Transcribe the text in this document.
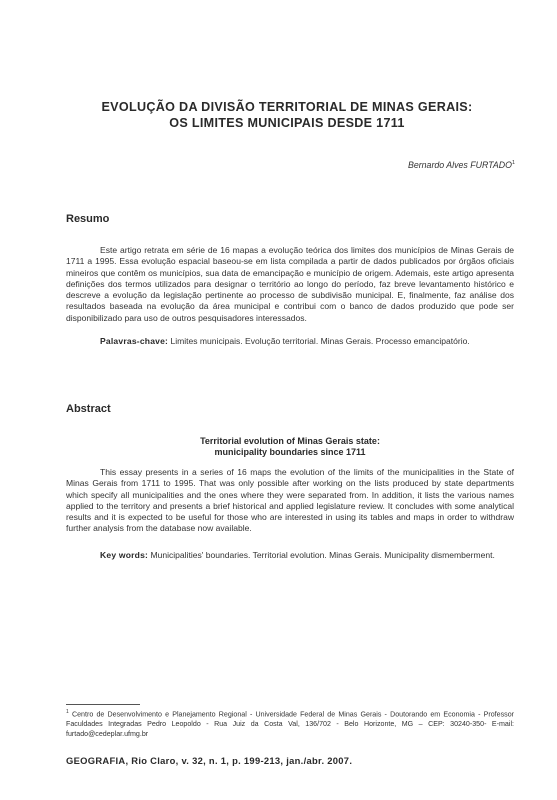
EVOLUÇÃO DA DIVISÃO TERRITORIAL DE MINAS GERAIS:
OS LIMITES MUNICIPAIS DESDE 1711
Bernardo Alves FURTADO$^1$
Resumo

Este artigo retrata em série de 16 mapas a evolução teórica dos limites dos municípios de Minas Gerais de 1711 a 1995. Essa evolução espacial baseou-se em lista compilada a partir de dados publicados por órgãos oficiais mineiros que contêm os municípios, sua data de emancipação e município de origem. Ademais, este artigo apresenta definições dos termos utilizados para designar o território ao longo do período, faz breve levantamento histórico e descreve a evolução da legislação pertinente ao processo de subdivisão municipal. E, finalmente, faz análise dos resultados baseada na evolução da área municipal e contribui com o banco de dados produzido que pode ser disponibilizado para uso de outros pesquisadores interessados.

Palavras-chave: Limites municipais. Evolução territorial. Minas Gerais. Processo emancipatório.

Abstract
Territorial evolution of Minas Gerais state:
municipality boundaries since 1711

This essay presents in a series of 16 maps the evolution of the limits of the municipalities in the State of Minas Gerais from 1711 to 1995. That was only possible after working on the lists produced by state departments which specify all municipalities and the ones where they were separated from. In addition, it lists the various names applied to the territory and presents a brief historical and applied legislature review. It concludes with some analytical results and it is expected to be useful for those who are interested in using its tables and maps in order to withdraw further analysis from the database now available.

Key words: Municipalities' boundaries. Territorial evolution. Minas Gerais. Municipality dismemberment.

$^1$ Centro de Desenvolvimento e Planejamento Regional - Universidade Federal de Minas Gerais - Doutorando em Economia - Professor Faculdades Integradas Pedro Leopoldo - Rua Juiz da Costa Val, 136/702 - Belo Horizonte, MG – CEP: 30240-350- E-mail: furtado@cedeplar.ufmg.br
GEOGRAFIA, Rio Claro, v. 32, n. 1, p. 199-213, jan./abr. 2007.
